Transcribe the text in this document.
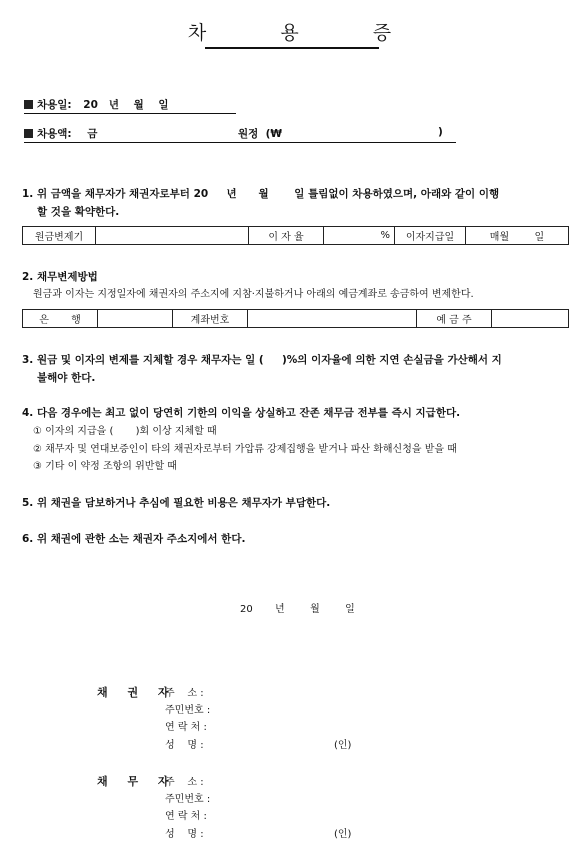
차 용 증
차용일: 20   년    월    일
차용액: 금	원정  (₩	)
1. 위 금액을 채무자가 채권자로부터 20     년      월       일 틀림없이 차용하였으며, 아래와 같이 이행
할 것을 확약한다.
원금변제기		이 자 율	%	이자지급일	매월        일
2. 채무변제방법
원금과 이자는 지정일자에 채권자의 주소지에 지참·지불하거나 아래의 예금계좌로 송금하여 변제한다.
은       행		계좌번호		예 금 주	
3. 원금 및 이자의 변제를 지체할 경우 채무자는 일 (     )%의 이자율에 의한 지연 손실금을 가산해서 지
불해야 한다.
4. 다음 경우에는 최고 없이 당연히 기한의 이익을 상실하고 잔존 채무금 전부를 즉시 지급한다.
① 이자의 지급을 (       )회 이상 지체할 때
② 채무자 및 연대보증인이 타의 채권자로부터 가압류 강제집행을 받거나 파산 화해신청을 받을 때
③ 기타 이 약정 조항의 위반할 때
5. 위 채권을 담보하거나 추심에 필요한 비용은 채무자가 부담한다.
6. 위 채권에 관한 소는 채권자 주소지에서 한다.
20       년        월        일
채 권 자
주    소 :
주민번호 :
연 락 처 :
성    명 :	(인)
채 무 자
주    소 :
주민번호 :
연 락 처 :
성    명 :	(인)
